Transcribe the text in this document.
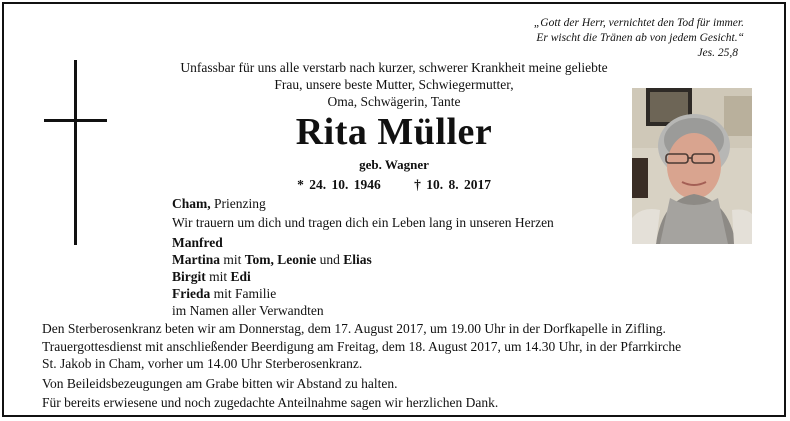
„Gott der Herr, vernichtet den Tod für immer.
Er wischt die Tränen ab von jedem Gesicht.“
Jes. 25,8
Unfassbar für uns alle verstarb nach kurzer, schwerer Krankheit meine geliebte
Frau, unsere beste Mutter, Schwiegermutter,
Oma, Schwägerin, Tante
Rita Müller
geb. Wagner
* 24. 10. 1946 † 10. 8. 2017
Cham, Prienzing
Wir trauern um dich und tragen dich ein Leben lang in unseren Herzen
Manfred
Martina mit Tom, Leonie und Elias
Birgit mit Edi
Frieda mit Familie
im Namen aller Verwandten

Den Sterberosenkranz beten wir am Donnerstag, dem 17. August 2017, um 19.00 Uhr in der Dorfkapelle in Zifling.

Trauergottesdienst mit anschließender Beerdigung am Freitag, dem 18. August 2017, um 14.30 Uhr, in der Pfarrkirche

St. Jakob in Cham, vorher um 14.00 Uhr Sterberosenkranz.

Von Beileidsbezeugungen am Grabe bitten wir Abstand zu halten.

Für bereits erwiesene und noch zugedachte Anteilnahme sagen wir herzlichen Dank.
